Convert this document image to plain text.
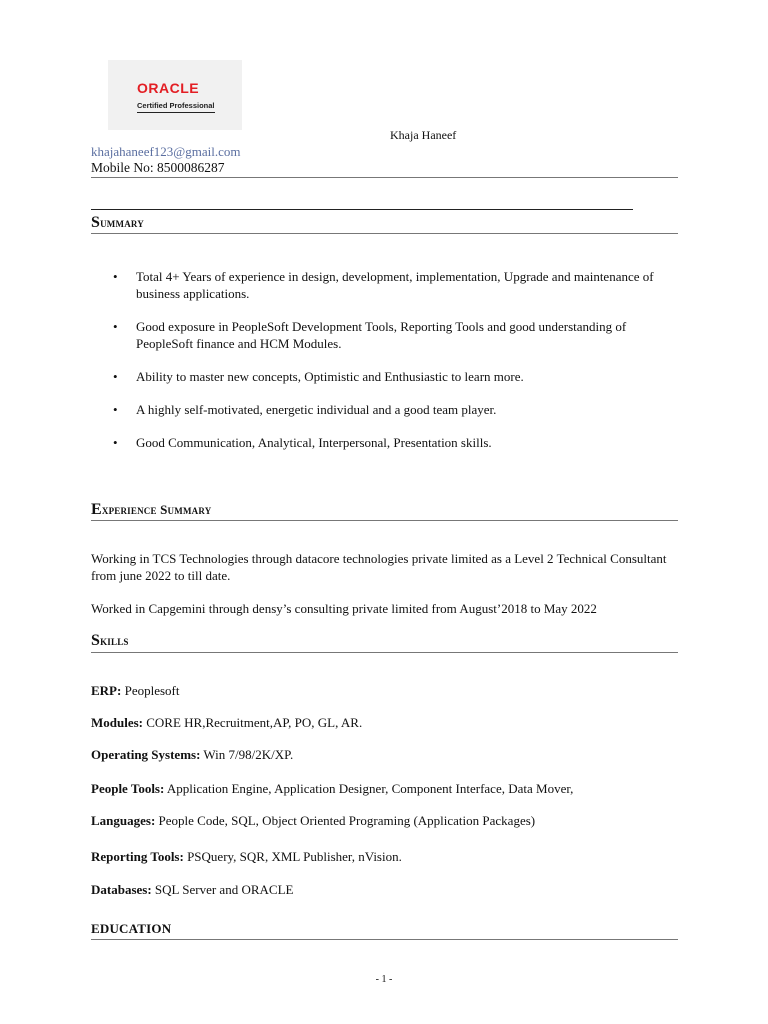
ORACLE
Certified Professional
Khaja Haneef
khajahaneef123@gmail.com
Mobile No: 8500086287
Summary
• Total 4+ Years of experience in design, development, implementation, Upgrade and maintenance of business applications.
• Good exposure in PeopleSoft Development Tools, Reporting Tools and good understanding of PeopleSoft finance and HCM Modules.
• Ability to master new concepts, Optimistic and Enthusiastic to learn more.
• A highly self-motivated, energetic individual and a good team player.
• Good Communication, Analytical, Interpersonal, Presentation skills.
Experience Summary
Working in TCS Technologies through datacore technologies private limited as a Level 2 Technical Consultant from june 2022 to till date.
Worked in Capgemini through densy’s consulting private limited from August’2018 to May 2022
Skills
ERP: Peoplesoft
Modules: CORE HR,Recruitment,AP, PO, GL, AR.
Operating Systems: Win 7/98/2K/XP.
People Tools: Application Engine, Application Designer, Component Interface, Data Mover,
Languages: People Code, SQL, Object Oriented Programing (Application Packages)
Reporting Tools: PSQuery, SQR, XML Publisher, nVision.
Databases: SQL Server and ORACLE
EDUCATION
- 1 -
